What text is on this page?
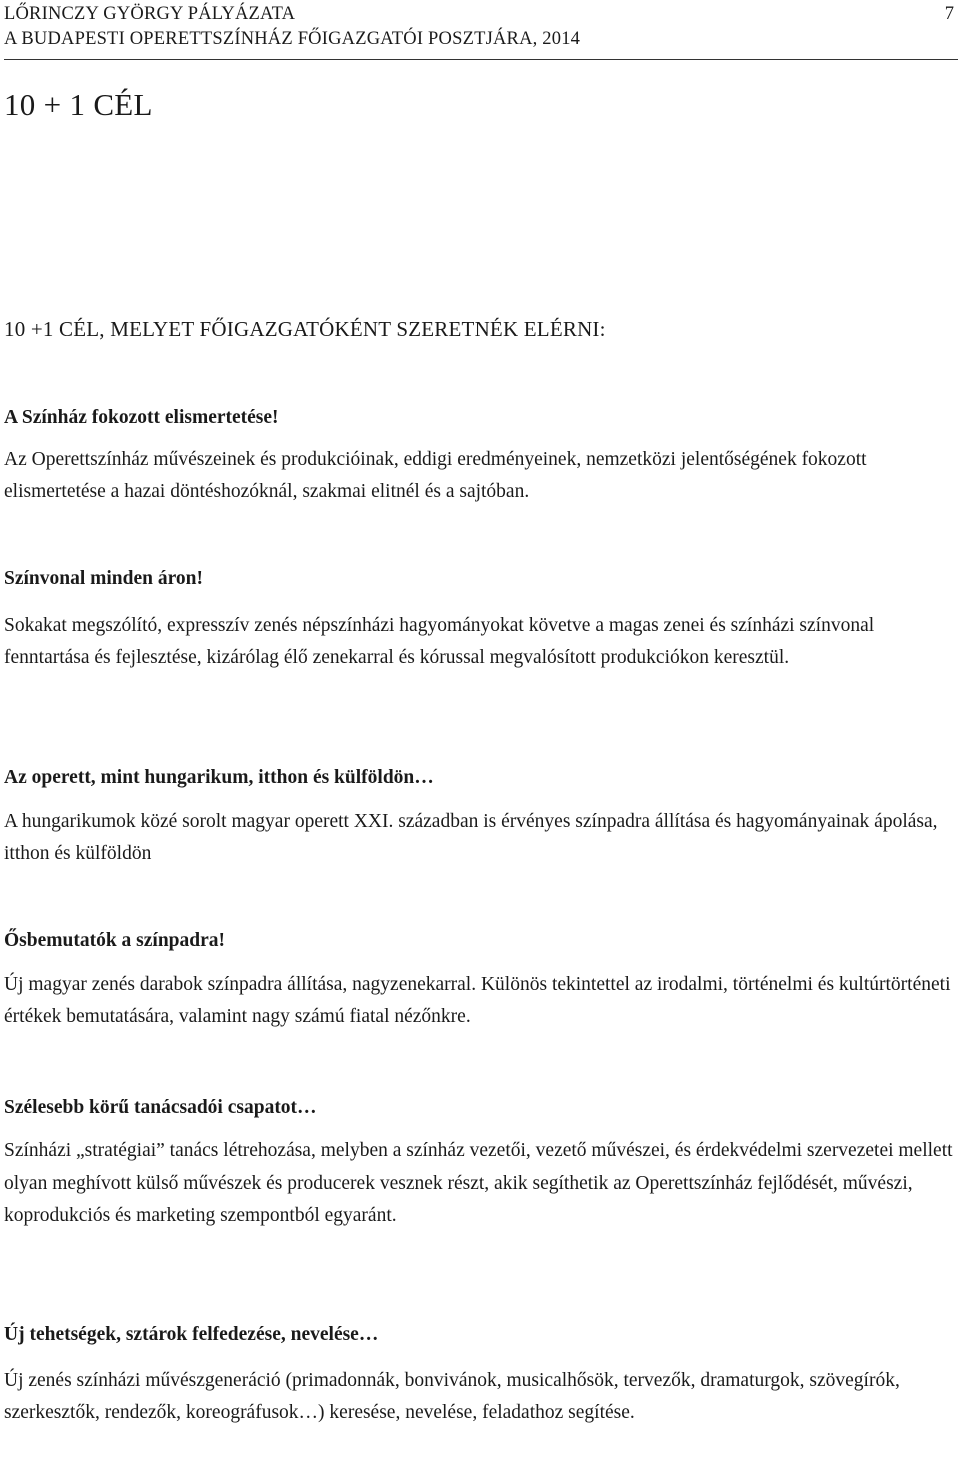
LŐRINCZY GYÖRGY PÁLYÁZATA
A BUDAPESTI OPERETTSZÍNHÁZ FŐIGAZGATÓI POSZTJÁRA, 2014
7
10 + 1 CÉL
10 +1 CÉL, MELYET FŐIGAZGATÓKÉNT SZERETNÉK ELÉRNI:
A Színház fokozott elismertetése!

Az Operettszínház művészeinek és produkcióinak, eddigi eredményeinek, nemzetközi jelentőségének fokozott elismertetése a hazai döntéshozóknál, szakmai elitnél és a sajtóban.

Színvonal minden áron!

Sokakat megszólító, expresszív zenés népszínházi hagyományokat követve a magas zenei és színházi színvonal fenntartása és fejlesztése, kizárólag élő zenekarral és kórussal megvalósított produkciókon keresztül.

Az operett, mint hungarikum, itthon és külföldön…

A hungarikumok közé sorolt magyar operett XXI. században is érvényes színpadra állítása és hagyományainak ápolása, itthon és külföldön

Ősbemutatók a színpadra!

Új magyar zenés darabok színpadra állítása, nagyzenekarral. Különös tekintettel az irodalmi, történelmi és kultúrtörténeti értékek bemutatására, valamint nagy számú fiatal nézőnkre.

Szélesebb körű tanácsadói csapatot…

Színházi „stratégiai” tanács létrehozása, melyben a színház vezetői, vezető művészei, és érdekvédelmi szervezetei mellett olyan meghívott külső művészek és producerek vesznek részt, akik segíthetik az Operettszínház fejlődését, művészi, koprodukciós és marketing szempontból egyaránt.

Új tehetségek, sztárok felfedezése, nevelése…

Új zenés színházi művészgeneráció (primadonnák, bonvivánok, musicalhősök, tervezők, dramaturgok, szövegírók, szerkesztők, rendezők, koreográfusok…) keresése, nevelése, feladathoz segítése.
